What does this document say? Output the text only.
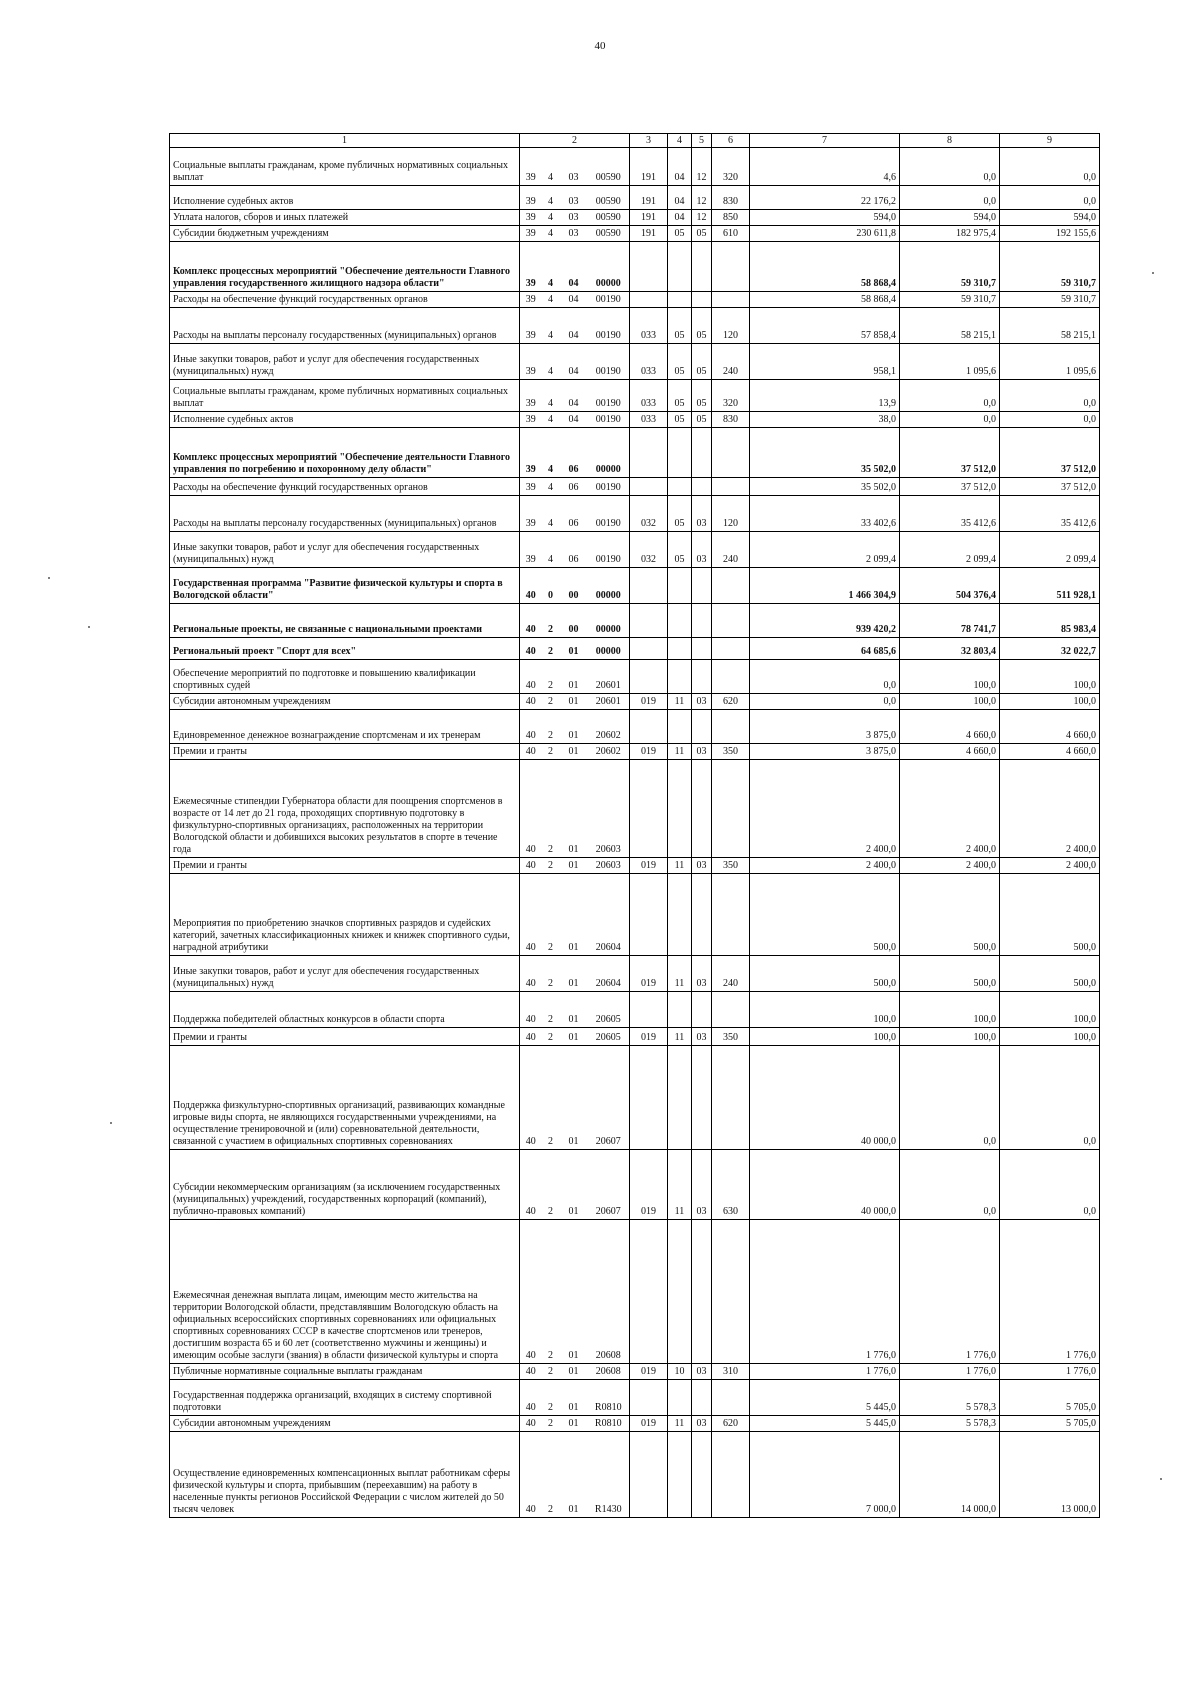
40
1	2				3	4	5	6	7	8	9
Социальные выплаты гражданам, кроме публичных нормативных социальных выплат	39	4	03	00590	191	04	12	320	4,6	0,0	0,0
Исполнение судебных актов	39	4	03	00590	191	04	12	830	22 176,2	0,0	0,0
Уплата налогов, сборов и иных платежей	39	4	03	00590	191	04	12	850	594,0	594,0	594,0
Субсидии бюджетным учреждениям	39	4	03	00590	191	05	05	610	230 611,8	182 975,4	192 155,6
Комплекс процессных мероприятий "Обеспечение деятельности Главного управления государственного жилищного надзора области"	39	4	04	00000					58 868,4	59 310,7	59 310,7
Расходы на обеспечение функций государственных органов	39	4	04	00190					58 868,4	59 310,7	59 310,7
Расходы на выплаты персоналу государственных (муниципальных) органов	39	4	04	00190	033	05	05	120	57 858,4	58 215,1	58 215,1
Иные закупки товаров, работ и услуг для обеспечения государственных (муниципальных) нужд	39	4	04	00190	033	05	05	240	958,1	1 095,6	1 095,6
Социальные выплаты гражданам, кроме публичных нормативных социальных выплат	39	4	04	00190	033	05	05	320	13,9	0,0	0,0
Исполнение судебных актов	39	4	04	00190	033	05	05	830	38,0	0,0	0,0
Комплекс процессных мероприятий "Обеспечение деятельности Главного управления по погребению и похоронному делу области"	39	4	06	00000					35 502,0	37 512,0	37 512,0
Расходы на обеспечение функций государственных органов	39	4	06	00190					35 502,0	37 512,0	37 512,0
Расходы на выплаты персоналу государственных (муниципальных) органов	39	4	06	00190	032	05	03	120	33 402,6	35 412,6	35 412,6
Иные закупки товаров, работ и услуг для обеспечения государственных (муниципальных) нужд	39	4	06	00190	032	05	03	240	2 099,4	2 099,4	2 099,4
Государственная программа "Развитие физической культуры и спорта в Вологодской области"	40	0	00	00000					1 466 304,9	504 376,4	511 928,1
Региональные проекты, не связанные с национальными проектами	40	2	00	00000					939 420,2	78 741,7	85 983,4
Региональный проект "Спорт для всех"	40	2	01	00000					64 685,6	32 803,4	32 022,7
Обеспечение мероприятий по подготовке и повышению квалификации спортивных судей	40	2	01	20601					0,0	100,0	100,0
Субсидии автономным учреждениям	40	2	01	20601	019	11	03	620	0,0	100,0	100,0
Единовременное денежное вознаграждение спортсменам и их тренерам	40	2	01	20602					3 875,0	4 660,0	4 660,0
Премии и гранты	40	2	01	20602	019	11	03	350	3 875,0	4 660,0	4 660,0
Ежемесячные стипендии Губернатора области для поощрения спортсменов в возрасте от 14 лет до 21 года, проходящих спортивную подготовку в физкультурно-спортивных организациях, расположенных на территории Вологодской области и добившихся высоких результатов в спорте в течение года	40	2	01	20603					2 400,0	2 400,0	2 400,0
Премии и гранты	40	2	01	20603	019	11	03	350	2 400,0	2 400,0	2 400,0
Мероприятия по приобретению значков спортивных разрядов и судейских категорий, зачетных классификационных книжек и книжек спортивного судьи, наградной атрибутики	40	2	01	20604					500,0	500,0	500,0
Иные закупки товаров, работ и услуг для обеспечения государственных (муниципальных) нужд	40	2	01	20604	019	11	03	240	500,0	500,0	500,0
Поддержка победителей областных конкурсов в области спорта	40	2	01	20605					100,0	100,0	100,0
Премии и гранты	40	2	01	20605	019	11	03	350	100,0	100,0	100,0
Поддержка физкультурно-спортивных организаций, развивающих командные игровые виды спорта, не являющихся государственными учреждениями, на осуществление тренировочной и (или) соревновательной деятельности, связанной с участием в официальных спортивных соревнованиях	40	2	01	20607					40 000,0	0,0	0,0
Субсидии некоммерческим организациям (за исключением государственных (муниципальных) учреждений, государственных корпораций (компаний), публично-правовых компаний)	40	2	01	20607	019	11	03	630	40 000,0	0,0	0,0
Ежемесячная денежная выплата лицам, имеющим место жительства на территории Вологодской области, представлявшим Вологодскую область на официальных всероссийских спортивных соревнованиях или официальных спортивных соревнованиях СССР в качестве спортсменов или тренеров, достигшим возраста 65 и 60 лет (соответственно мужчины и женщины) и имеющим особые заслуги (звания) в области физической культуры и спорта	40	2	01	20608					1 776,0	1 776,0	1 776,0
Публичные нормативные социальные выплаты гражданам	40	2	01	20608	019	10	03	310	1 776,0	1 776,0	1 776,0
Государственная поддержка организаций, входящих в систему спортивной подготовки	40	2	01	R0810					5 445,0	5 578,3	5 705,0
Субсидии автономным учреждениям	40	2	01	R0810	019	11	03	620	5 445,0	5 578,3	5 705,0
Осуществление единовременных компенсационных выплат работникам сферы физической культуры и спорта, прибывшим (переехавшим) на работу в населенные пункты регионов Российской Федерации с числом жителей до 50 тысяч человек	40	2	01	R1430					7 000,0	14 000,0	13 000,0
